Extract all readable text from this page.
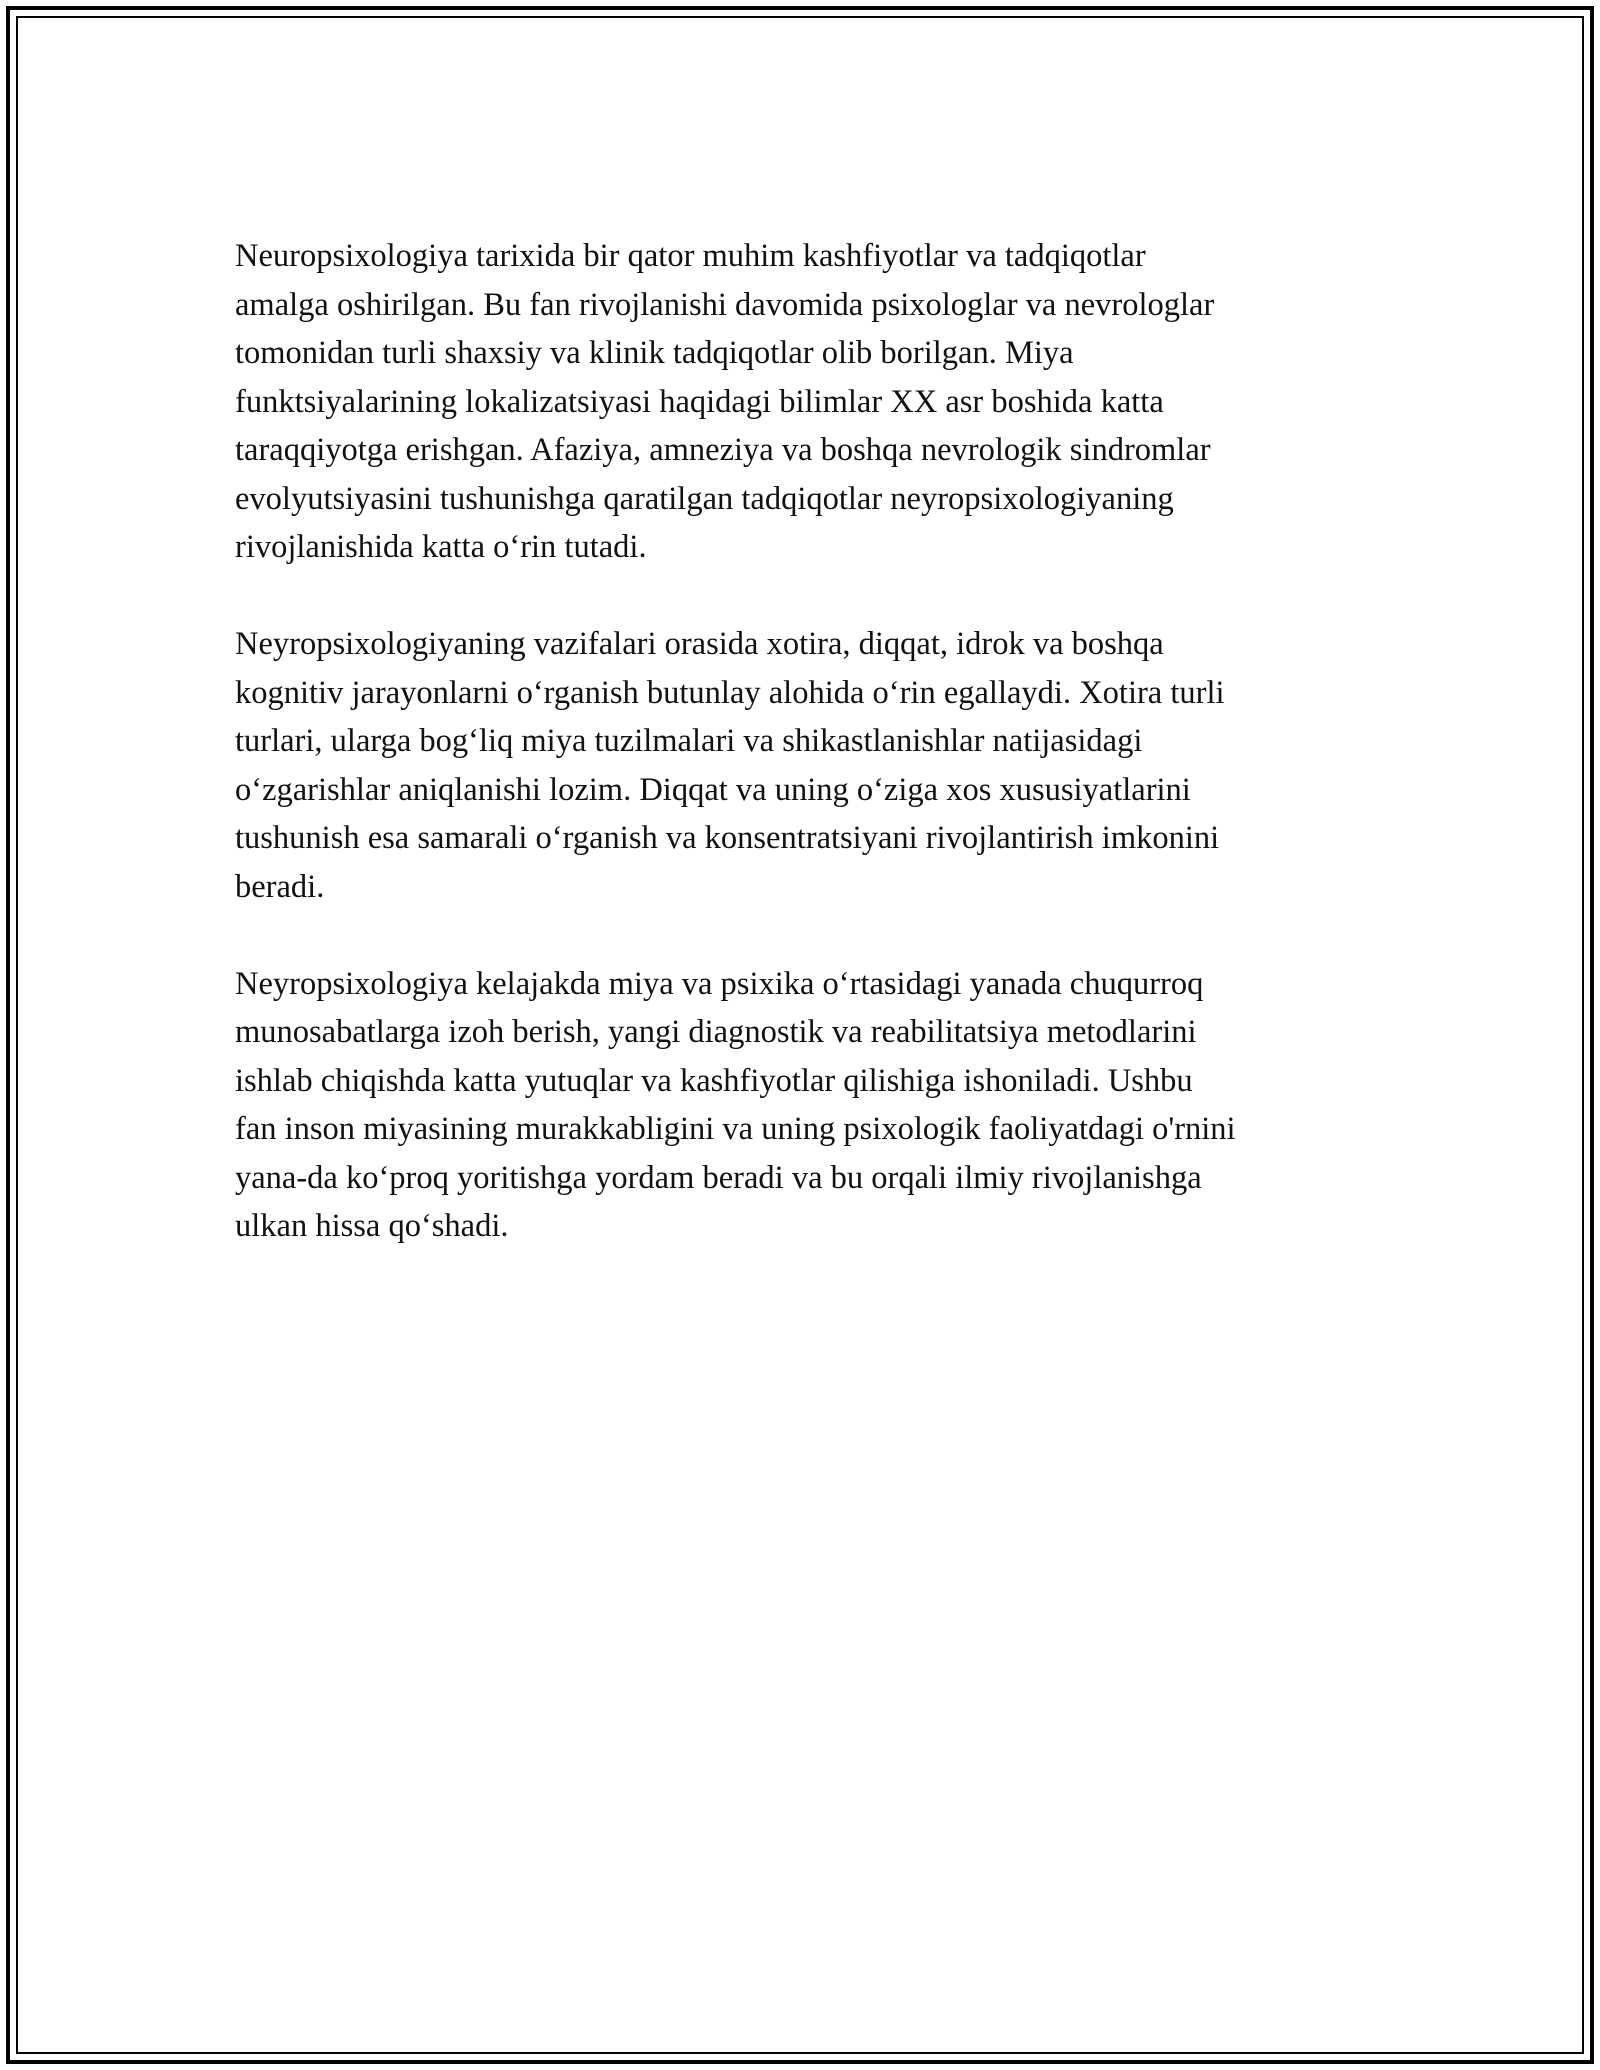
Neuropsixologiya tarixida bir qator muhim kashfiyotlar va tadqiqotlar
amalga oshirilgan. Bu fan rivojlanishi davomida psixologlar va nevrologlar
tomonidan turli shaxsiy va klinik tadqiqotlar olib borilgan. Miya
funktsiyalarining lokalizatsiyasi haqidagi bilimlar XX asr boshida katta
taraqqiyotga erishgan. Afaziya, amneziya va boshqa nevrologik sindromlar
evolyutsiyasini tushunishga qaratilgan tadqiqotlar neyropsixologiyaning
rivojlanishida katta oʻrin tutadi.

Neyropsixologiyaning vazifalari orasida xotira, diqqat, idrok va boshqa
kognitiv jarayonlarni oʻrganish butunlay alohida oʻrin egallaydi. Xotira turli
turlari, ularga bogʻliq miya tuzilmalari va shikastlanishlar natijasidagi
oʻzgarishlar aniqlanishi lozim. Diqqat va uning oʻziga xos xususiyatlarini
tushunish esa samarali oʻrganish va konsentratsiyani rivojlantirish imkonini
beradi.

Neyropsixologiya kelajakda miya va psixika oʻrtasidagi yanada chuqurroq
munosabatlarga izoh berish, yangi diagnostik va reabilitatsiya metodlarini
ishlab chiqishda katta yutuqlar va kashfiyotlar qilishiga ishoniladi. Ushbu
fan inson miyasining murakkabligini va uning psixologik faoliyatdagi o'rnini
yana-da koʻproq yoritishga yordam beradi va bu orqali ilmiy rivojlanishga
ulkan hissa qoʻshadi.
